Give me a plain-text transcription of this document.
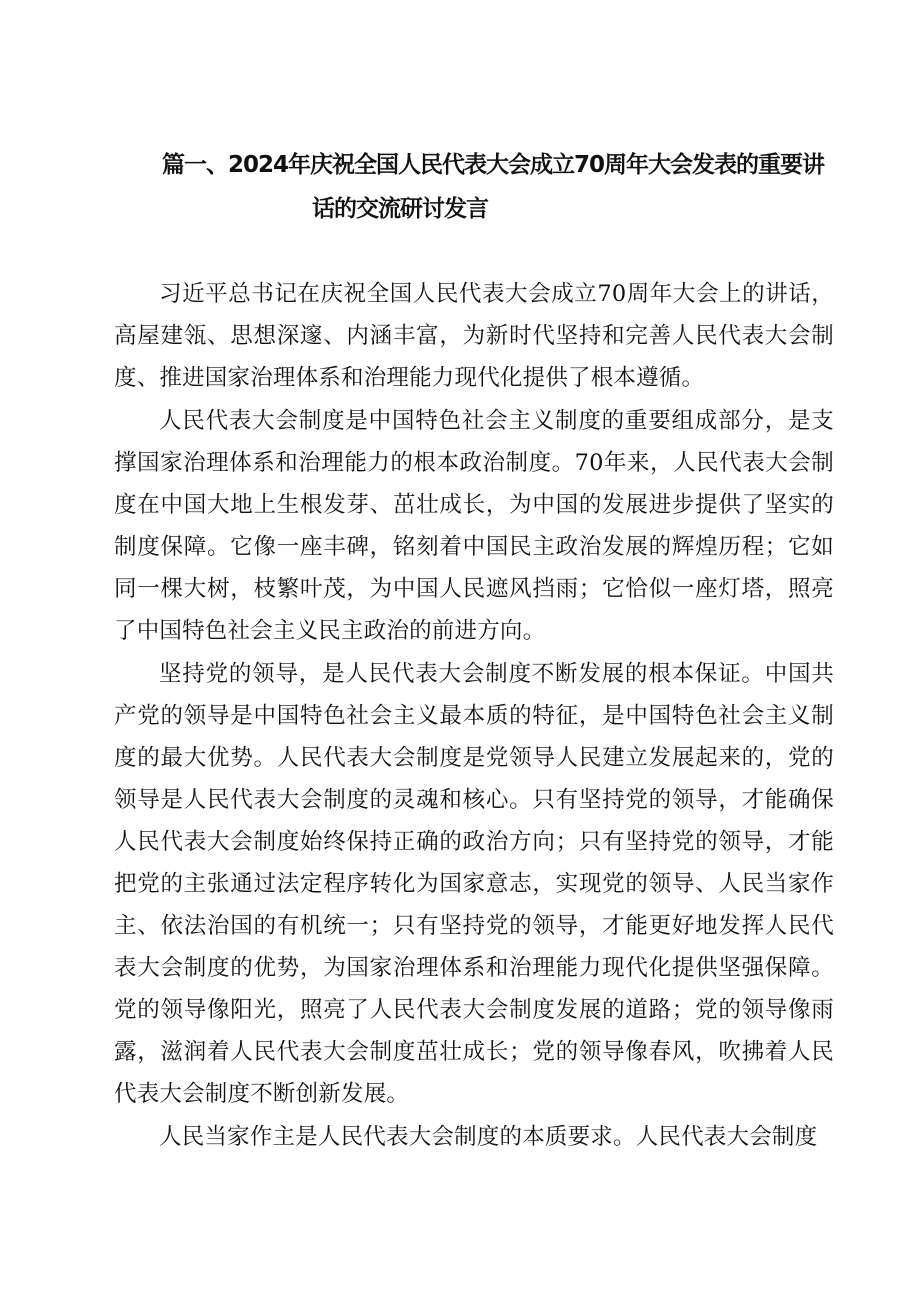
篇一、2024年庆祝全国人民代表大会成立70周年大会发表的重要讲
话的交流研讨发言

习近平总书记在庆祝全国人民代表大会成立70周年大会上的讲话，高屋建瓴、思想深邃、内涵丰富，为新时代坚持和完善人民代表大会制度、推进国家治理体系和治理能力现代化提供了根本遵循。

人民代表大会制度是中国特色社会主义制度的重要组成部分，是支撑国家治理体系和治理能力的根本政治制度。70年来，人民代表大会制度在中国大地上生根发芽、茁壮成长，为中国的发展进步提供了坚实的制度保障。它像一座丰碑，铭刻着中国民主政治发展的辉煌历程；它如同一棵大树，枝繁叶茂，为中国人民遮风挡雨；它恰似一座灯塔，照亮了中国特色社会主义民主政治的前进方向。

坚持党的领导，是人民代表大会制度不断发展的根本保证。中国共产党的领导是中国特色社会主义最本质的特征，是中国特色社会主义制度的最大优势。人民代表大会制度是党领导人民建立发展起来的，党的领导是人民代表大会制度的灵魂和核心。只有坚持党的领导，才能确保人民代表大会制度始终保持正确的政治方向；只有坚持党的领导，才能把党的主张通过法定程序转化为国家意志，实现党的领导、人民当家作主、依法治国的有机统一；只有坚持党的领导，才能更好地发挥人民代表大会制度的优势，为国家治理体系和治理能力现代化提供坚强保障。党的领导像阳光，照亮了人民代表大会制度发展的道路；党的领导像雨露，滋润着人民代表大会制度茁壮成长；党的领导像春风，吹拂着人民代表大会制度不断创新发展。

人民当家作主是人民代表大会制度的本质要求。人民代表大会制度
